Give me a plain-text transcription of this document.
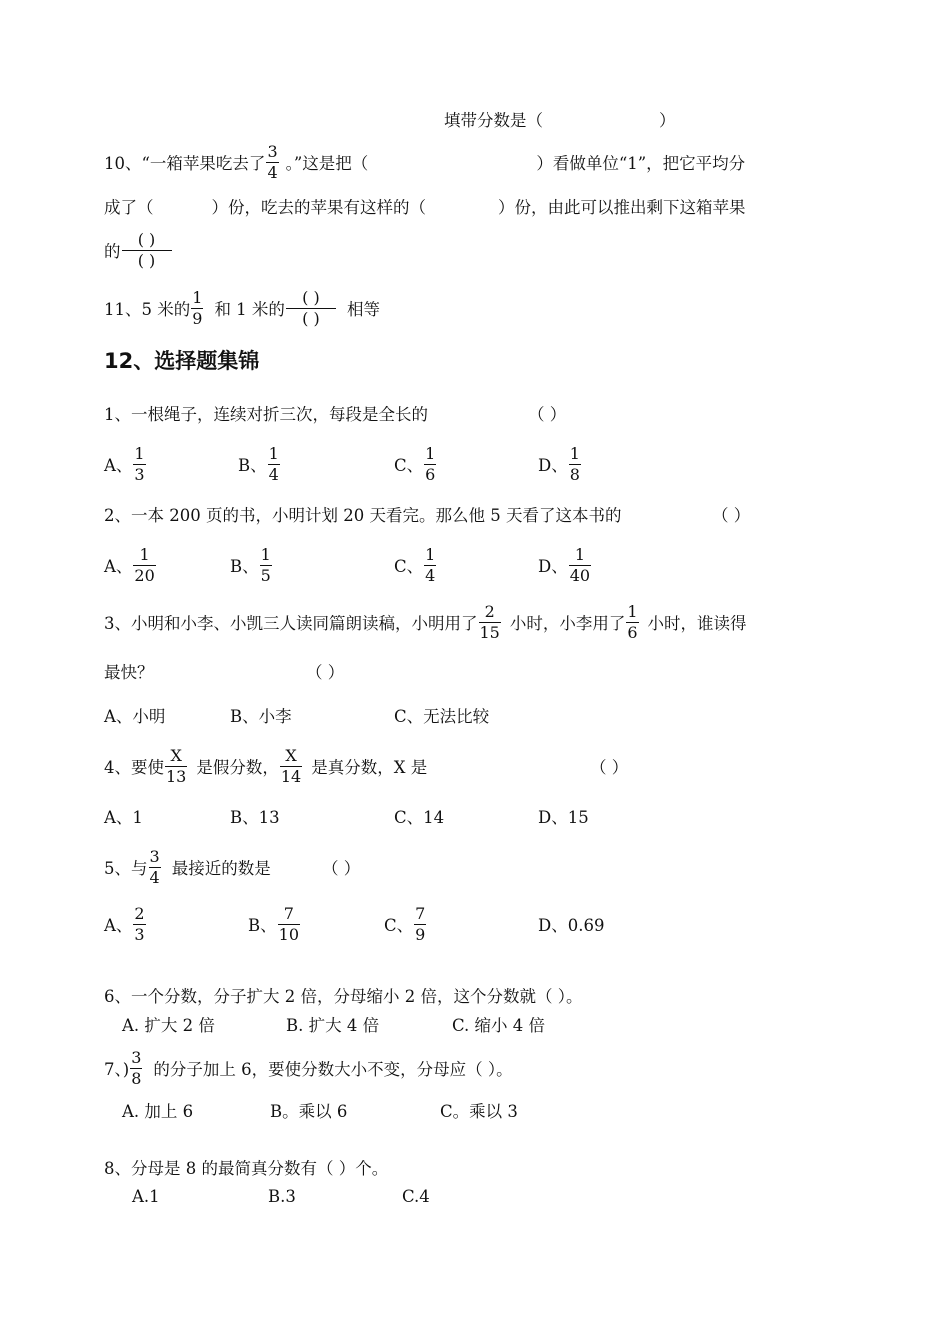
填带分数是（	）
10、“一箱苹果吃去了 $\frac{3}{4}$ 。”这是把（	）看做单位“1”，把它平均分
成了（	）份，吃去的苹果有这样的（	）份，由此可以推出剩下这箱苹果
的 $\frac{( )}{( )}$
11、5 米的 $\frac{1}{9}$ 和 1 米的 $\frac{( )}{( )}$ 相等
12、选择题集锦
1、一根绳子，连续对折三次，每段是全长的	（ ）
A、 $\frac{1}{3}$	B、 $\frac{1}{4}$	C、 $\frac{1}{6}$	D、 $\frac{1}{8}$
2、一本 200 页的书，小明计划 20 天看完。那么他 5 天看了这本书的	（ ）
A、 $\frac{1}{20}$	B、 $\frac{1}{5}$	C、 $\frac{1}{4}$	D、 $\frac{1}{40}$
3、小明和小李、小凯三人读同篇朗读稿，小明用了 $\frac{2}{15}$ 小时，小李用了 $\frac{1}{6}$ 小时，谁读得
最快？	（ ）
A、小明	B、小李	C、无法比较
4、要使 $\frac{X}{13}$ 是假分数， $\frac{X}{14}$ 是真分数，X 是	（ ）
A、1	B、13	C、14	D、15
5、与 $\frac{3}{4}$ 最接近的数是	（ ）
A、 $\frac{2}{3}$	B、 $\frac{7}{10}$	C、 $\frac{7}{9}$	D、0.69
6、一个分数，分子扩大 2 倍，分母缩小 2 倍，这个分数就（ ）。
A. 扩大 2 倍	B. 扩大 4 倍	C. 缩小 4 倍
7、) $\frac{3}{8}$ 的分子加上 6，要使分数大小不变，分母应（ ）。
A. 加上 6	B。乘以 6	C。乘以 3
8、分母是 8 的最简真分数有（ ）个。
A.1	B.3	C.4
